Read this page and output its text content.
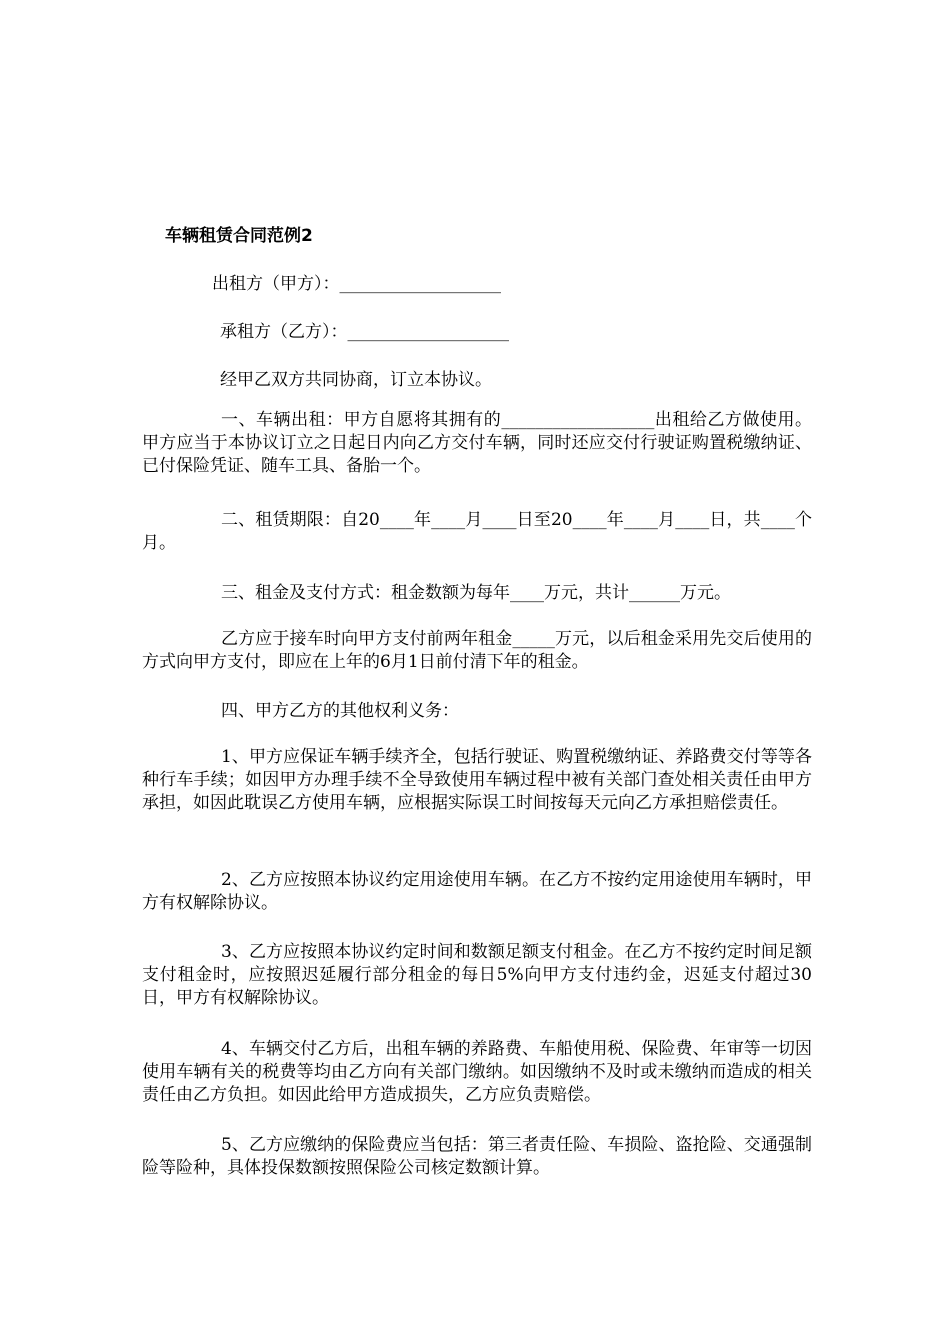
车辆租赁合同范例2
出租方（甲方）：___________________
承租方（乙方）：___________________
经甲乙双方共同协商，订立本协议。

一、车辆出租：甲方自愿将其拥有的__________________出租给乙方做使用。甲方应当于本协议订立之日起日内向乙方交付车辆，同时还应交付行驶证购置税缴纳证、已付保险凭证、随车工具、备胎一个。

二、租赁期限：自20____年____月____日至20____年____月____日，共____个月。

三、租金及支付方式：租金数额为每年____万元，共计______万元。

乙方应于接车时向甲方支付前两年租金_____万元，以后租金采用先交后使用的方式向甲方支付，即应在上年的6月1日前付清下年的租金。

四、甲方乙方的其他权利义务：

1、甲方应保证车辆手续齐全，包括行驶证、购置税缴纳证、养路费交付等等各种行车手续；如因甲方办理手续不全导致使用车辆过程中被有关部门查处相关责任由甲方承担，如因此耽误乙方使用车辆，应根据实际误工时间按每天元向乙方承担赔偿责任。

2、乙方应按照本协议约定用途使用车辆。在乙方不按约定用途使用车辆时，甲方有权解除协议。

3、乙方应按照本协议约定时间和数额足额支付租金。在乙方不按约定时间足额支付租金时，应按照迟延履行部分租金的每日5%向甲方支付违约金，迟延支付超过30日，甲方有权解除协议。

4、车辆交付乙方后，出租车辆的养路费、车船使用税、保险费、年审等一切因使用车辆有关的税费等均由乙方向有关部门缴纳。如因缴纳不及时或未缴纳而造成的相关责任由乙方负担。如因此给甲方造成损失，乙方应负责赔偿。

5、乙方应缴纳的保险费应当包括：第三者责任险、车损险、盗抢险、交通强制险等险种，具体投保数额按照保险公司核定数额计算。
